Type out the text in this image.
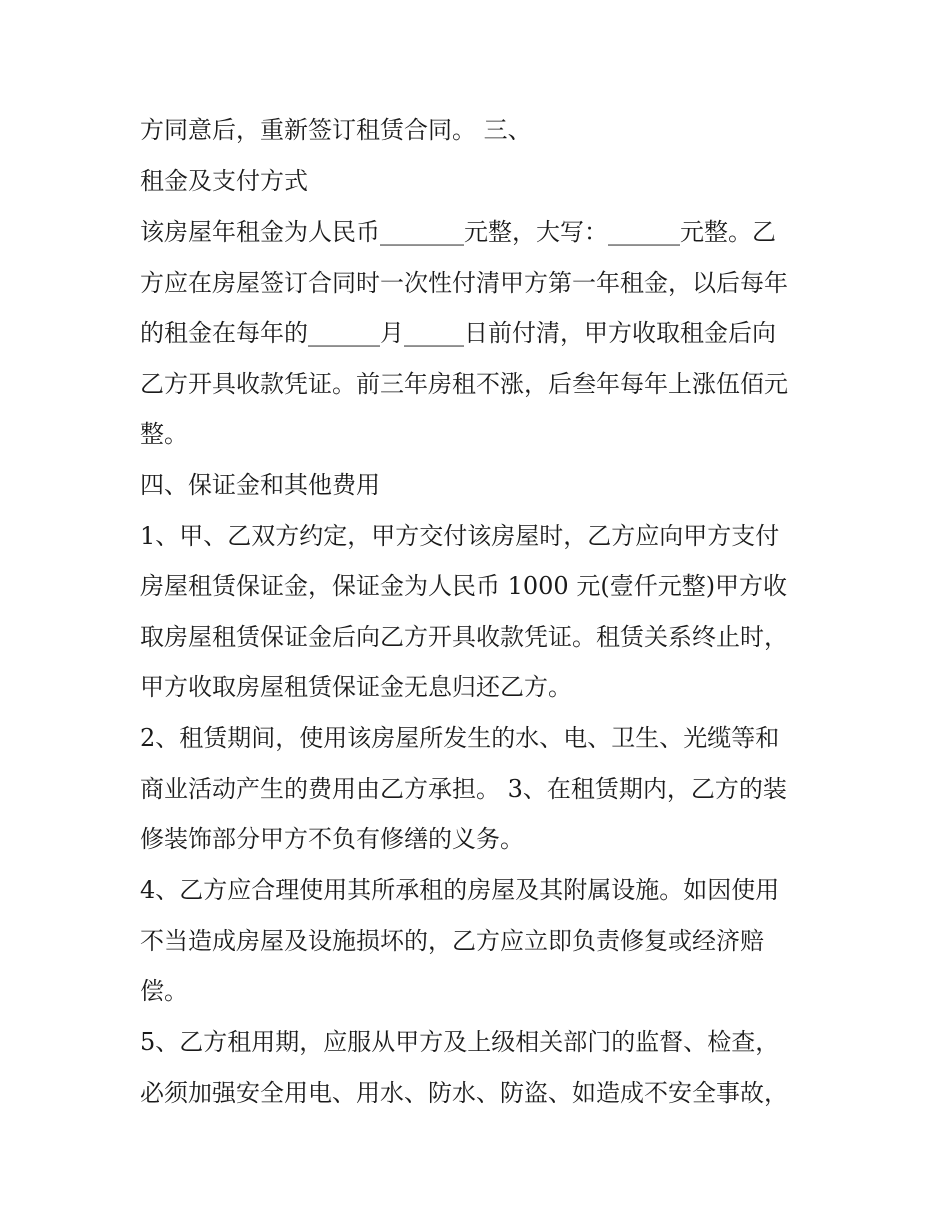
方同意后，重新签订租赁合同。 三、
租金及支付方式
该房屋年租金为人民币_______元整，大写：______元整。乙
方应在房屋签订合同时一次性付清甲方第一年租金，以后每年
的租金在每年的______月_____日前付清，甲方收取租金后向
乙方开具收款凭证。前三年房租不涨，后叁年每年上涨伍佰元
整。
四、保证金和其他费用
1、甲、乙双方约定，甲方交付该房屋时，乙方应向甲方支付
房屋租赁保证金，保证金为人民币 1000 元(壹仟元整)甲方收
取房屋租赁保证金后向乙方开具收款凭证。租赁关系终止时，
甲方收取房屋租赁保证金无息归还乙方。
2、租赁期间，使用该房屋所发生的水、电、卫生、光缆等和
商业活动产生的费用由乙方承担。 3、在租赁期内，乙方的装
修装饰部分甲方不负有修缮的义务。
4、乙方应合理使用其所承租的房屋及其附属设施。如因使用
不当造成房屋及设施损坏的，乙方应立即负责修复或经济赔
偿。
5、乙方租用期，应服从甲方及上级相关部门的监督、检查，
必须加强安全用电、用水、防水、防盗、如造成不安全事故，
